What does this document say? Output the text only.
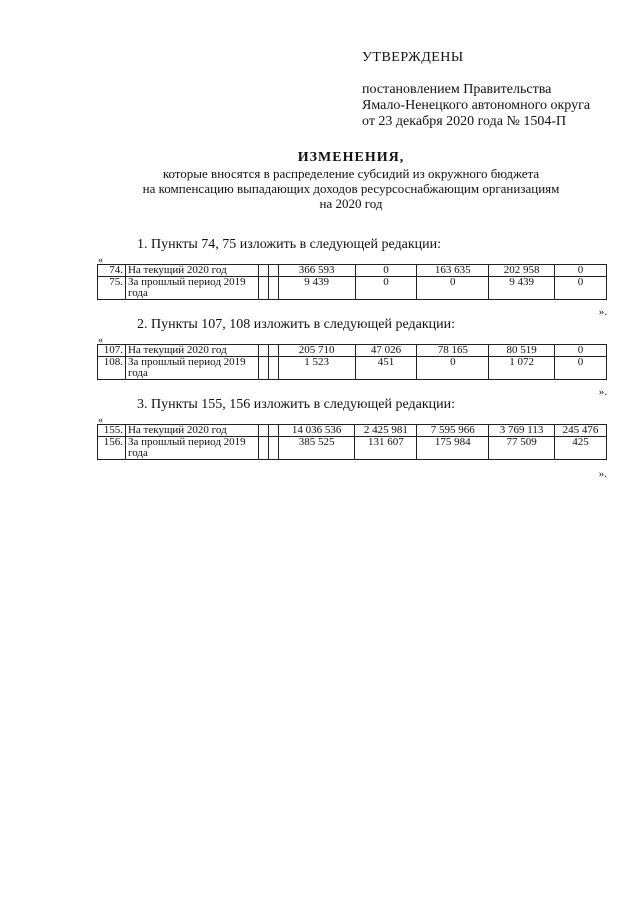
УТВЕРЖДЕНЫ
постановлением Правительства
Ямало-Ненецкого автономного округа
от 23 декабря 2020 года № 1504-П
ИЗМЕНЕНИЯ,
которые вносятся в распределение субсидий из окружного бюджета
на компенсацию выпадающих доходов ресурсоснабжающим организациям
на 2020 год
1. Пункты 74, 75 изложить в следующей редакции:
«
74.	На текущий 2020 год			366 593	0	163 635	202 958	0
75.	За прошлый период 2019 года			9 439	0	0	9 439	0
».
2. Пункты 107, 108 изложить в следующей редакции:
«
107.	На текущий 2020 год			205 710	47 026	78 165	80 519	0
108.	За прошлый период 2019 года			1 523	451	0	1 072	0
».
3. Пункты 155, 156 изложить в следующей редакции:
«
155.	На текущий 2020 год			14 036 536	2 425 981	7 595 966	3 769 113	245 476
156.	За прошлый период 2019 года			385 525	131 607	175 984	77 509	425
».
